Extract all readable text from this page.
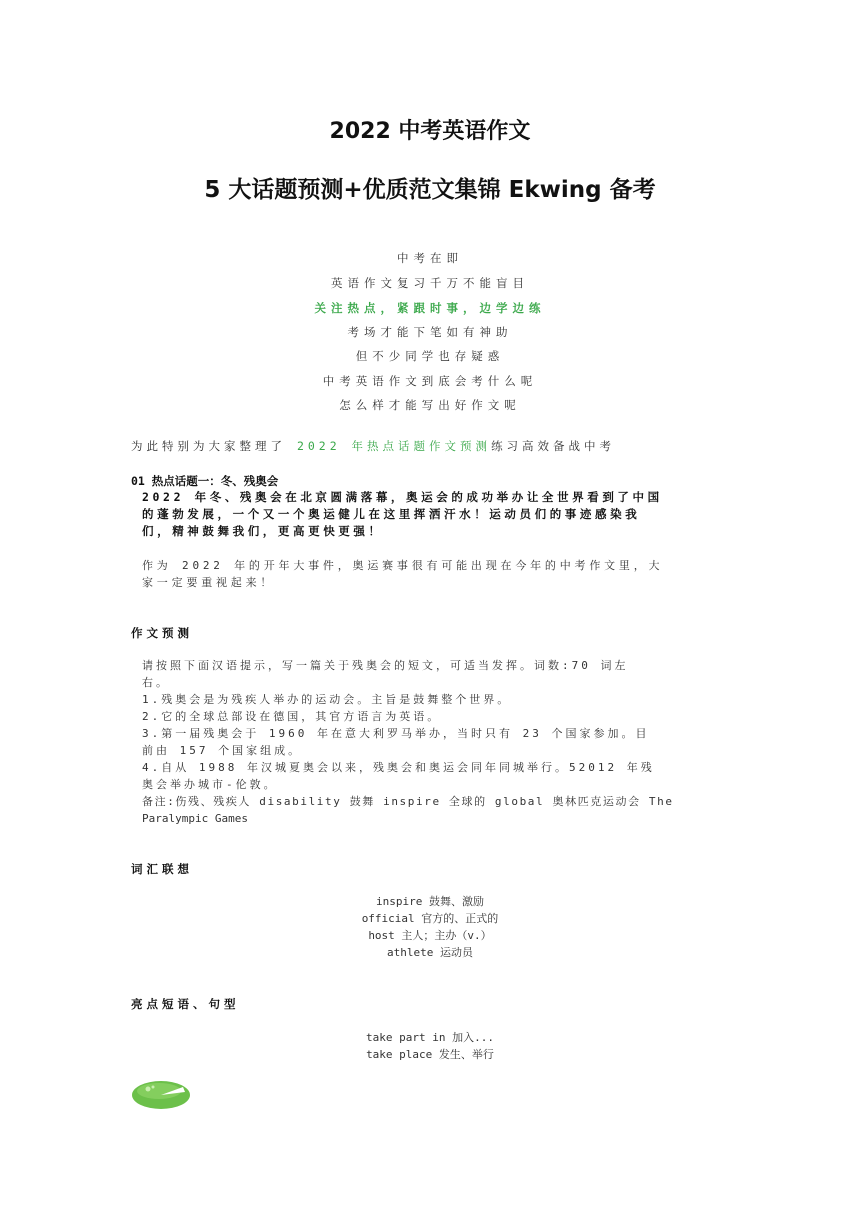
2022 中考英语作文
5 大话题预测+优质范文集锦 Ekwing 备考
中考在即
英语作文复习千万不能盲目
关注热点，紧跟时事，边学边练
考场才能下笔如有神助
但不少同学也存疑惑
中考英语作文到底会考什么呢
怎么样才能写出好作文呢
为此特别为大家整理了 2022 年热点话题作文预测练习高效备战中考
01 热点话题一：冬、残奥会
2022 年冬、残奥会在北京圆满落幕，奥运会的成功举办让全世界看到了中国
的蓬勃发展，一个又一个奥运健儿在这里挥洒汗水！运动员们的事迹感染我
们，精神鼓舞我们，更高更快更强！
作为 2022 年的开年大事件，奥运赛事很有可能出现在今年的中考作文里，大
家一定要重视起来！
作文预测
请按照下面汉语提示，写一篇关于残奥会的短文，可适当发挥。词数:70 词左
右。
1.残奥会是为残疾人举办的运动会。主旨是鼓舞整个世界。
2.它的全球总部设在德国，其官方语言为英语。
3.第一届残奥会于 1960 年在意大利罗马举办，当时只有 23 个国家参加。目
前由 157 个国家组成。
4.自从 1988 年汉城夏奥会以来，残奥会和奥运会同年同城举行。52012 年残
奥会举办城市-伦敦。
备注:伤残、残疾人 disability 鼓舞 inspire 全球的 global 奥林匹克运动会 The
Paralympic Games
词汇联想
inspire 鼓舞、激励
official 官方的、正式的
host 主人；主办（v.）
athlete 运动员
亮点短语、句型
take part in 加入...
take place 发生、举行
